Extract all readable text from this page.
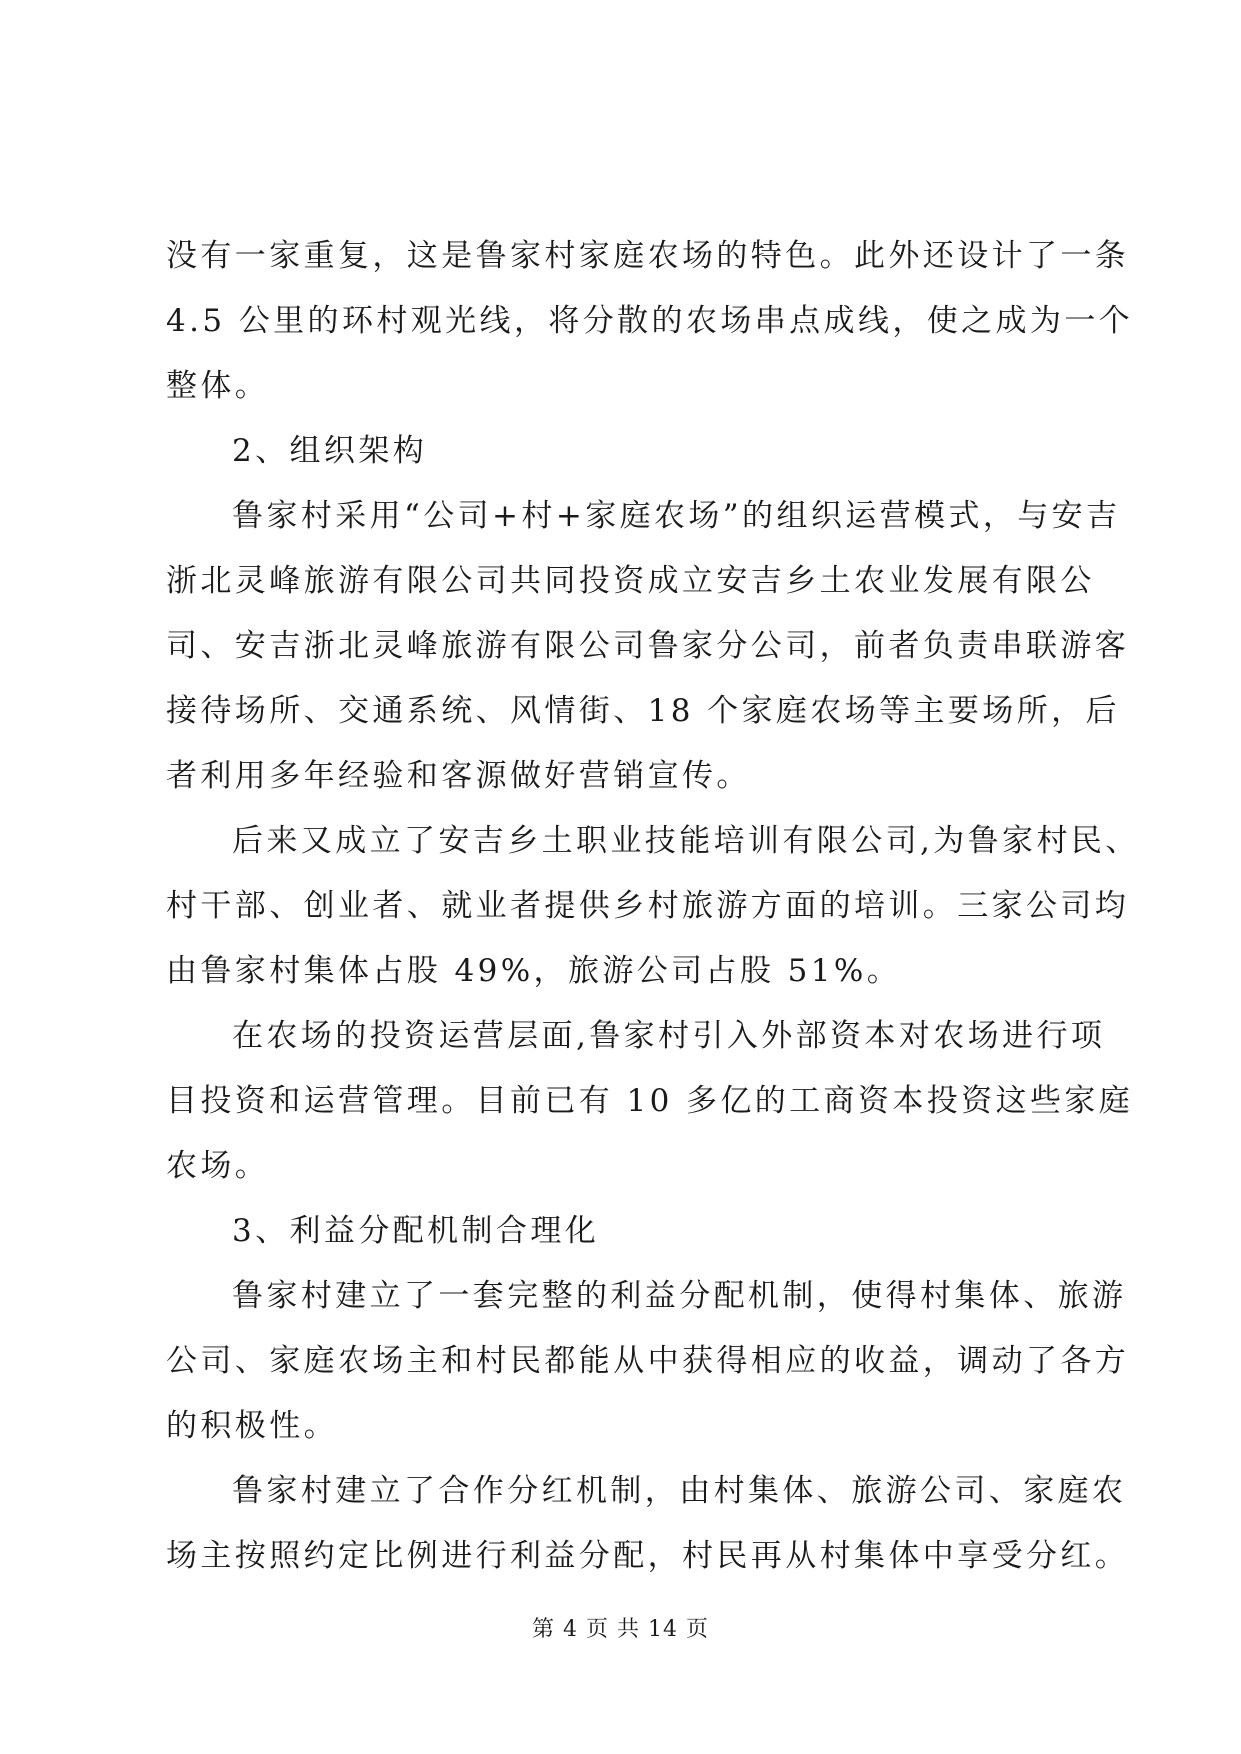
没有一家重复，这是鲁家村家庭农场的特色。此外还设计了一条
4.5 公里的环村观光线，将分散的农场串点成线，使之成为一个
整体。

2、组织架构

鲁家村采用“公司+村+家庭农场”的组织运营模式，与安吉
浙北灵峰旅游有限公司共同投资成立安吉乡土农业发展有限公
司、安吉浙北灵峰旅游有限公司鲁家分公司，前者负责串联游客
接待场所、交通系统、风情街、18 个家庭农场等主要场所，后
者利用多年经验和客源做好营销宣传。

后来又成立了安吉乡土职业技能培训有限公司,为鲁家村民、
村干部、创业者、就业者提供乡村旅游方面的培训。三家公司均
由鲁家村集体占股 49%，旅游公司占股 51%。

在农场的投资运营层面,鲁家村引入外部资本对农场进行项
目投资和运营管理。目前已有 10 多亿的工商资本投资这些家庭
农场。

3、利益分配机制合理化

鲁家村建立了一套完整的利益分配机制，使得村集体、旅游
公司、家庭农场主和村民都能从中获得相应的收益，调动了各方
的积极性。

鲁家村建立了合作分红机制，由村集体、旅游公司、家庭农
场主按照约定比例进行利益分配，村民再从村集体中享受分红。

第 4 页 共 14 页
